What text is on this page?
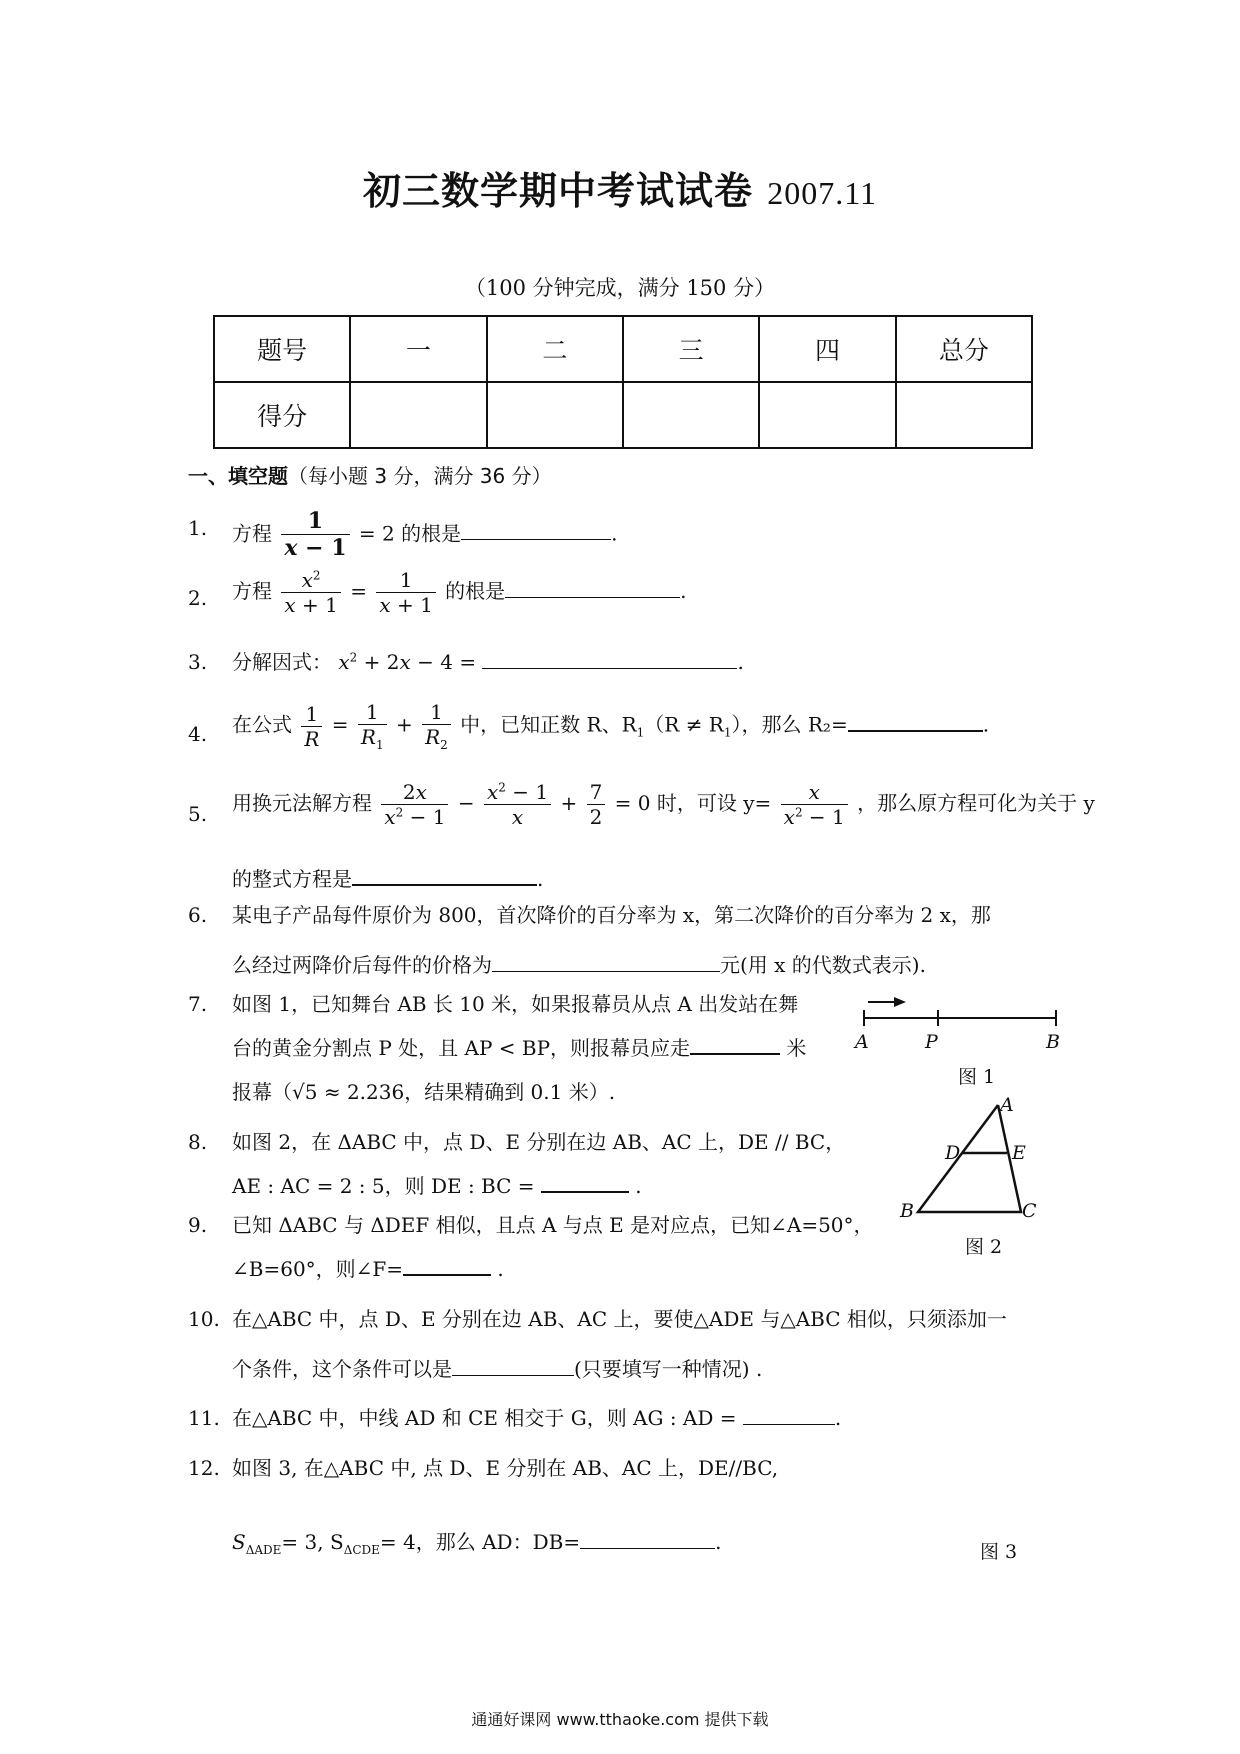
初三数学期中考试试卷 2007.11
（100 分钟完成，满分 150 分）
题号	一	二	三	四	总分
得分					
一、填空题（每小题 3 分，满分 36 分）
1.	方程 $\frac{1}{x - 1} = 2$ 的根是	.
2.	方程 $\frac{x^2}{x + 1} = \frac{1}{x + 1}$ 的根是	.
3.	分解因式： $x^2 + 2x - 4$ =	.
4.	在公式 $\frac{1}{R} = \frac{1}{R_1} + \frac{1}{R_2}$ 中，已知正数 R、$R_1(R \ne R_1)$，那么 R₂=	.
5.	用换元法解方程 $\frac{2x}{x^2 - 1} - \frac{x^2 - 1}{x} + \frac{7}{2} = 0$ 时，可设 $y= \frac{x}{x^2 - 1}$ ，那么原方程可化为关于 y
的整式方程是	.
6.	某电子产品每件原价为 800，首次降价的百分率为 x，第二次降价的百分率为 2 x，那
么经过两降价后每件的价格为	元(用 x 的代数式表示).
7.	如图 1，已知舞台 AB 长 10 米，如果报幕员从点 A 出发站在舞
台的黄金分割点 P 处，且 AP < BP，则报幕员应走	米
报幕（√5 ≈ 2.236，结果精确到 0.1 米）.
A	P	B
图 1
8.	如图 2，在 ΔABC 中，点 D、E 分别在边 AB、AC 上，DE // BC，
AE : AC = 2 : 5，则 DE : BC =	.
A
D	E
B	C
图 2
9.	已知 ΔABC 与 ΔDEF 相似，且点 A 与点 E 是对应点，已知∠A=50°，
∠B=60°，则∠F=	.
10. 在△ABC 中，点 D、E 分别在边 AB、AC 上，要使△ADE 与△ABC 相似，只须添加一
个条件，这个条件可以是	(只要填写一种情况) .
11. 在△ABC 中，中线 AD 和 CE 相交于 G，则 AG : AD =	.
12. 如图 3, 在△ABC 中, 点 D、E 分别在 AB、AC 上，DE//BC,
$S_{\Delta ADE}= 3$, $S_{\Delta CDE}= 4$，那么 AD：DB=	.	图 3
通通好课网 www.tthaoke.com 提供下载
